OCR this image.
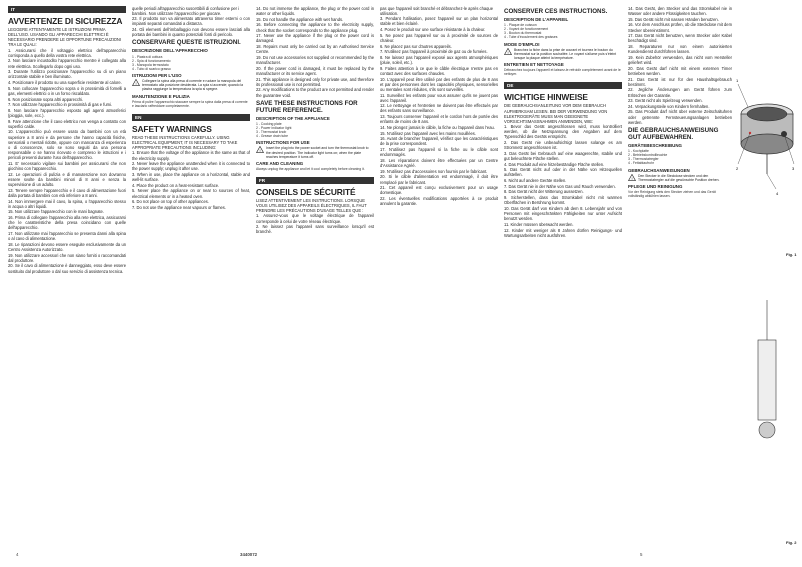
IT
AVVERTENZE DI SICUREZZA

LEGGERE ATTENTAMENTE LE ISTRUZIONI PRIMA DELL'USO. USANDO GLI APPARECCHI ELETTRICI È NECESSARIO PRENDERE LE OPPORTUNE PRECAUZIONI TRA LE QUALI:

1. Assicurarsi che il voltaggio elettrico dell'apparecchio corrisponda a quello della vostra rete elettrica.
2. Non lasciare incustodito l'apparecchio mentre è collegato alla rete elettrica. Scollegarlo dopo ogni uso.
3. Durante l'utilizzo posizionare l'apparecchio su di un piano orizzontale stabile e ben illuminato.
4. Posizionare il prodotto su una superficie resistente al calore.
5. Non collocare l'apparecchio sopra o in prossimità di fornelli a gas, elementi elettrici o in un forno riscaldato.
6. Non posizionate sopra altri apparecchi.
7. Non utilizzare l'apparecchio in prossimità di gas e fumi.
8. Non lasciare l'apparecchio esposto agli agenti atmosferici (pioggia, sole, ecc.).
9. Fare attenzione che il cavo elettrico non venga a contatto con superfici calde.
10. L'apparecchio può essere usato da bambini con un età superiore a 8 anni e da persone che hanno capacità fisiche, sensoriali o mentali ridotte, oppure con mancanza di esperienza o di conoscenze, solo se sono seguiti da una persona responsabile o se hanno ricevuto e compreso le istruzioni e i pericoli presenti durante l'uso dell'apparecchio.
11. E' necessario vigilare sui bambini per assicurarsi che non giochino con l'apparecchio.
12. Le operazioni di pulizia e di manutenzione non dovranno essere svolte da bambini minori di 8 anni e senza la supervisione di un adulto.
13. Tenere sempre l'apparecchio e il cavo di alimentazione fuori dalla portata di bambini con età inferiore a 8 anni.
14. Non immergere mai il cavo, la spina, o l'apparecchio stesso in acqua o altri liquidi.
15. Non utilizzare l'apparecchio con le mani bagnate.
16. Prima di collegare l'apparecchio alla rete elettrica, assicurarsi che le caratteristiche della presa coincidano con quelle dell'apparecchio.
17. Non utilizzate mai l'apparecchio se presenta danni alla spina o al cavo di alimentazione.
18. Le riparazioni devono essere eseguite esclusivamente da un Centro Assistenza Autorizzato.
19. Non utilizzare accessori che non siano forniti o raccomandati dal produttore.
20. Se il cavo di alimentazione è danneggiato, esso deve essere sostituito dal produttore o dal suo servizio di assistenza tecnica.

quelle periodi all'apparecchio suscettibili di confusione per i bambini. Non utilizzare l'apparecchio per giocare.

23. Il prodotto non va alimentato attraverso timer esterni o con impianti separati comandati a distanza.
24. Gli elementi dell'imballaggio non devono essere lasciati alla portata dei bambini in quanto potenziali fonti di pericolo.
CONSERVARE QUESTE ISTRUZIONI.
DESCRIZIONE DELL'APPARECCHIO
1 - Piastra di cottura
2 - Spia di funzionamento
3 - Manopola termostato
4 - Tubo di scarico grasso
ISTRUZIONI PER L'USO
! Collegare la spina alla presa di corrente e ruotare la manopola del termostato alla posizione desiderata. La spia si accende; quando la piastra raggiunge la temperatura la spia si spegne.
MANUTENZIONE E PULIZIA

Prima di pulire l'apparecchio staccare sempre la spina dalla presa di corrente e lasciarlo raffreddare completamente.

EN
SAFETY WARNINGS

READ THESE INSTRUCTIONS CAREFULLY. USING ELECTRICAL EQUIPMENT, IT IS NECESSARY TO TAKE APPROPRIATE PRECAUTIONS INCLUDING:

1. Ensure that the voltage of the appliance is the same as that of the electricity supply.
2. Never leave the appliance unattended when it is connected to the power supply; unplug it after use.
3. When in use, place the appliance on a horizontal, stable and well-lit surface.
4. Place the product on a heat-resistant surface.
5. Never place the appliance on or near to sources of heat, electrical elements or in a heated oven.
6. Do not place on top of other appliances.
7. Do not use the appliance near vapours or flames.
14. Do not immerse the appliance, the plug or the power cord in water or other liquids.
15. Do not handle the appliance with wet hands.
16. Before connecting the appliance to the electricity supply, check that the socket corresponds to the appliance plug.
17. Never use the appliance if the plug or the power cord is damaged.
18. Repairs must only be carried out by an Authorised Service Centre.
19. Do not use accessories not supplied or recommended by the manufacturer.
20. If the power cord is damaged, it must be replaced by the manufacturer or its service agent.
21. This appliance is designed only for private use, and therefore its professional use is not permitted.
22. Any modifications to the product are not permitted and render the guarantee void.
SAVE THESE INSTRUCTIONS FOR FUTURE REFERENCE.
DESCRIPTION OF THE APPLIANCE
1 - Cooking plate
2 - Power indicator light
3 - Thermostat knob
4 - Grease drain tube
INSTRUCTIONS FOR USE
! Insert the plug into the power socket and turn the thermostat knob to the desired position. The indicator light turns on; when the plate reaches temperature it turns off.
CARE AND CLEANING

Always unplug the appliance and let it cool completely before cleaning it.

FR
CONSEILS DE SÉCURITÉ

LISEZ ATTENTIVEMENT LES INSTRUCTIONS. LORSQUE VOUS UTILISEZ DES APPAREILS ÉLECTRIQUES, IL FAUT PRENDRE LES PRÉCAUTIONS D'USAGE TELLES QUE :

1. Assurez-vous que le voltage électrique de l'appareil corresponde à celui de votre réseau électrique.
2. Ne laissez pas l'appareil sans surveillance lorsqu'il est branché.

pas que l'appareil soit branché et débranchez-le après chaque utilisation.

3. Pendant l'utilisation, posez l'appareil sur un plan horizontal stable et bien éclairé.
4. Posez le produit sur une surface résistante à la chaleur.
5. Ne posez pas l'appareil sur ou à proximité de sources de chaleur.
6. Ne placez pas sur d'autres appareils.
7. N'utilisez pas l'appareil à proximité de gaz ou de fumées.
8. Ne laissez pas l'appareil exposé aux agents atmosphériques (pluie, soleil, etc.).
9. Faites attention à ce que le câble électrique n'entre pas en contact avec des surfaces chaudes.
10. L'appareil peut être utilisé par des enfants de plus de 8 ans et par des personnes dont les capacités physiques, sensorielles ou mentales sont réduites, s'ils sont surveillés.
11. Surveillez les enfants pour vous assurer qu'ils ne jouent pas avec l'appareil.
12. Le nettoyage et l'entretien ne doivent pas être effectués par des enfants sans surveillance.
13. Toujours conserver l'appareil et le cordon hors de portée des enfants de moins de 8 ans.
14. Ne plongez jamais le câble, la fiche ou l'appareil dans l'eau.
15. N'utilisez pas l'appareil avec les mains mouillées.
16. Avant de brancher l'appareil, vérifiez que les caractéristiques de la prise correspondent.
17. N'utilisez pas l'appareil si la fiche ou le câble sont endommagés.
18. Les réparations doivent être effectuées par un Centre d'Assistance Agréé.
19. N'utilisez pas d'accessoires non fournis par le fabricant.
20. Si le câble d'alimentation est endommagé, il doit être remplacé par le fabricant.
21. Cet appareil est conçu exclusivement pour un usage domestique.
22. Les éventuelles modifications apportées à ce produit annulent la garantie.
CONSERVER CES INSTRUCTIONS.
DESCRIPTION DE L'APPAREIL
1 - Plaque de cuisson
2 - Voyant de fonctionnement
3 - Bouton du thermostat
4 - Tube d'écoulement des graisses
MODE D'EMPLOI
! Branchez la fiche dans la prise de courant et tournez le bouton du thermostat sur la position souhaitée. Le voyant s'allume puis s'éteint lorsque la plaque atteint la température.
ENTRETIEN ET NETTOYAGE

Débranchez toujours l'appareil et laissez-le refroidir complètement avant de le nettoyer.

DE
WICHTIGE HINWEISE

DIE GEBRAUCHSANLEITUNG VOR DEM GEBRAUCH AUFMERKSAM LESEN. BEI DER VERWENDUNG VON ELEKTROGERÄTE MUSS MAN GEEIGNETE VORSICHTSMASSNAHMEN ANWENDEN, WIE:

1. Bevor das Gerät angeschlossen wird, muss kontrolliert werden, ob die Netzspannung den Angaben auf dem Typenschild des Geräts entspricht.
2. Das Gerät nie unbeaufsichtigt lassen solange es am Stromnetz angeschlossen ist.
3. Das Gerät bei Gebrauch auf eine waagerechte, stabile und gut beleuchtete Fläche stellen.
4. Das Produkt auf eine hitzebeständige Fläche stellen.
5. Das Gerät nicht auf oder in der Nähe von Hitzequellen aufstellen.
6. Nicht auf andere Geräte stellen.
7. Das Gerät nie in der Nähe von Gas und Rauch verwenden.
8. Das Gerät nicht der Witterung aussetzen.
9. Sicherstellen, dass das Stromkabel nicht mit warmen Oberflächen in Berührung kommt.
10. Das Gerät darf von Kindern ab dem 8. Lebensjahr und von Personen mit eingeschränkten Fähigkeiten nur unter Aufsicht benutzt werden.
11. Kinder müssen überwacht werden.
12. Kinder mit weniger als 8 Jahren dürfen Reinigungs- und Wartungsarbeiten nicht ausführen.
14. Das Gerät, den Stecker und das Stromkabel nie in Wasser oder andere Flüssigkeiten tauchen.
15. Das Gerät nicht mit nassen Händen benutzen.
16. Vor dem Anschluss prüfen, ob die Steckdose mit dem Stecker übereinstimmt.
17. Das Gerät nicht benutzen, wenn Stecker oder Kabel beschädigt sind.
18. Reparaturen nur von einem autorisierten Kundendienst durchführen lassen.
19. Kein Zubehör verwenden, das nicht vom Hersteller geliefert wird.
20. Das Gerät darf nicht mit einem externen Timer betrieben werden.
21. Das Gerät ist nur für den Haushaltsgebrauch bestimmt.
22. Jegliche Änderungen am Gerät führen zum Erlöschen der Garantie.
23. Gerät nicht als Spielzeug verwenden.
24. Verpackungsteile von Kindern fernhalten.
25. Das Produkt darf nicht über externe Zeitschaltuhren oder getrennte Fernsteuerungsanlagen betrieben werden.
DIE GEBRAUCHSANWEISUNG GUT AUFBEWAHREN.
GERÄTEBESCHREIBUNG
1 - Kochplatte
2 - Betriebskontrollleuchte
3 - Thermostatregler
4 - Fettablaufrohr
GEBRAUCHSANWEISUNGEN
! Den Stecker in die Steckdose stecken und den Thermostatregler auf die gewünschte Position drehen.
PFLEGE UND REINIGUNG

Vor der Reinigung stets den Stecker ziehen und das Gerät vollständig abkühlen lassen.

1
2	3
4
Fig. 1
Fig. 2
4	3440072	5
